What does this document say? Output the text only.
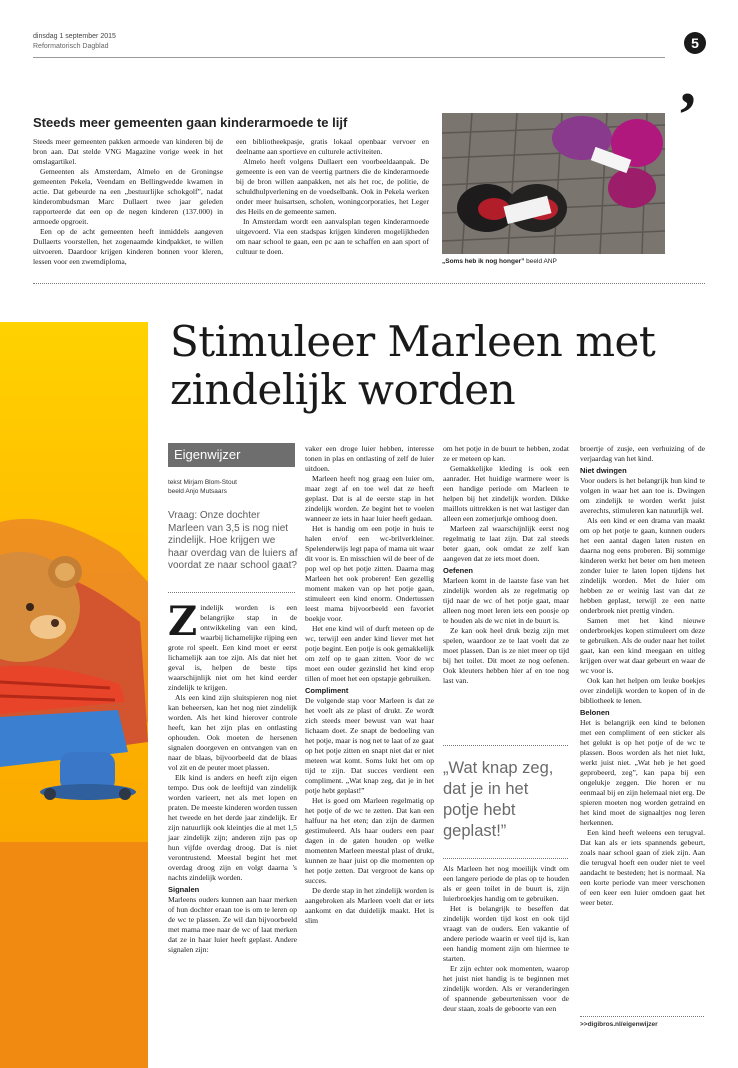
dinsdag 1 september 2015
Reformatorisch Dagblad	5
,
Steeds meer gemeenten gaan kinderarmoede te lijf

Steeds meer gemeenten pakken armoede van kinderen bij de bron aan. Dat stelde VNG Magazine vorige week in het omslagartikel.

Gemeenten als Amsterdam, Almelo en de Groningse gemeenten Pekela, Veendam en Bellingwedde kwamen in actie. Dat gebeurde na een „bestuurlijke schokgolf”, nadat kinderombudsman Marc Dullaert twee jaar geleden rapporteerde dat een op de negen kinderen (137.000) in armoede opgroeit.

Een op de acht gemeenten heeft inmiddels aangeven Dullaerts voorstellen, het zogenaamde kindpakket, te willen uitvoeren. Daardoor krijgen kinderen bonnen voor kleren, lessen voor een zwemdiploma,

een bibliotheekpasje, gratis lokaal openbaar vervoer en deelname aan sportieve en culturele activiteiten.

Almelo heeft volgens Dullaert een voorbeeldaanpak. De gemeente is een van de veertig partners die de kinderarmoede bij de bron willen aanpakken, net als het roc, de politie, de schuldhulpverlening en de voedselbank. Ook in Pekela werken onder meer huisartsen, scholen, woningcorporaties, het Leger des Heils en de gemeente samen.

In Amsterdam wordt een aanvalsplan tegen kinderarmoede uitgevoerd. Via een stadspas krijgen kinderen mogelijkheden om naar school te gaan, een pc aan te schaffen en aan sport of cultuur te doen.

„Soms heb ik nog honger” beeld ANP
Stimuleer Marleen met
zindelijk worden
Eigenwijzer
tekst Mirjam Blom-Stout
beeld Anjo Mutsaars
Vraag: Onze dochter Marleen van 3,5 is nog niet zindelijk. Hoe krijgen we haar overdag van de luiers af voordat ze naar school gaat?

Zindelijk worden is een belangrijke stap in de ontwikkeling van een kind, waarbij lichamelijke rijping een grote rol speelt. Een kind moet er eerst lichamelijk aan toe zijn. Als dat niet het geval is, helpen de beste tips waarschijnlijk niet om het kind eerder zindelijk te krijgen.

Als een kind zijn sluitspieren nog niet kan beheersen, kan het nog niet zindelijk worden. Als het kind hierover controle heeft, kan het zijn plas en ontlasting ophouden. Ook moeten de hersenen signalen doorgeven en ontvangen van en naar de blaas, bijvoorbeeld dat de blaas vol zit en de peuter moet plassen.

Elk kind is anders en heeft zijn eigen tempo. Dus ook de leeftijd van zindelijk worden varieert, net als met lopen en praten. De meeste kinderen worden tussen het tweede en het derde jaar zindelijk. Er zijn natuurlijk ook kleintjes die al met 1,5 jaar zindelijk zijn; anderen zijn pas op hun vijfde overdag droog. Dat is niet verontrustend. Meestal begint het met overdag droog zijn en volgt daarna 's nachts zindelijk worden.

Signalen

Marleens ouders kunnen aan haar merken of hun dochter eraan toe is om te leren op de wc te plassen. Ze wil dan bijvoorbeeld met mama mee naar de wc of laat merken dat ze in haar luier heeft geplast. Andere signalen zijn:

vaker een droge luier hebben, interesse tonen in plas en ontlasting of zelf de luier uitdoen.

Marleen heeft nog graag een luier om, maar zegt af en toe wel dat ze heeft geplast. Dat is al de eerste stap in het zindelijk worden. Ze begint het te voelen wanneer ze iets in haar luier heeft gedaan.

Het is handig om een potje in huis te halen en/of een wc-brilverkleiner. Spelenderwijs legt papa of mama uit waar dit voor is. En misschien wil de beer of de pop wel op het potje zitten. Daarna mag Marleen het ook proberen! Een gezellig moment maken van op het potje gaan, stimuleert een kind enorm. Ondertussen leest mama bijvoorbeeld een favoriet boekje voor.

Het ene kind wil of durft meteen op de wc, terwijl een ander kind liever met het potje begint. Een potje is ook gemakkelijk om zelf op te gaan zitten. Voor de wc moet een ouder gezinslid het kind erop tillen of moet het een opstapje gebruiken.

Compliment

De volgende stap voor Marleen is dat ze het voelt als ze plast of drukt. Ze wordt zich steeds meer bewust van wat haar lichaam doet. Ze snapt de bedoeling van het potje, maar is nog net te laat of ze gaat op het potje zitten en snapt niet dat er niet meteen wat komt. Soms lukt het om op tijd te zijn. Dat succes verdient een compliment. „Wat knap zeg, dat je in het potje hebt geplast!”

Het is goed om Marleen regelmatig op het potje of de wc te zetten. Dat kan een halfuur na het eten; dan zijn de darmen gestimuleerd. Als haar ouders een paar dagen in de gaten houden op welke momenten Marleen meestal plast of drukt, kunnen ze haar juist op die momenten op het potje zetten. Dat vergroot de kans op succes.

De derde stap in het zindelijk worden is aangebroken als Marleen voelt dat er iets aankomt en dat duidelijk maakt. Het is slim

om het potje in de buurt te hebben, zodat ze er meteen op kan.

Gemakkelijke kleding is ook een aanrader. Het huidige warmere weer is een handige periode om Marleen te helpen bij het zindelijk worden. Dikke maillots uittrekken is net wat lastiger dan alleen een zomerjurkje omhoog doen.

Marleen zal waarschijnlijk eerst nog regelmatig te laat zijn. Dat zal steeds beter gaan, ook omdat ze zelf kan aangeven dat ze iets moet doen.

Oefenen

Marleen komt in de laatste fase van het zindelijk worden als ze regelmatig op tijd naar de wc of het potje gaat, maar alleen nog moet leren iets een poosje op te houden als de wc niet in de buurt is.

Ze kan ook heel druk bezig zijn met spelen, waardoor ze te laat voelt dat ze moet plassen. Dan is ze niet meer op tijd bij het toilet. Dit moet ze nog oefenen. Ook kleuters hebben hier af en toe nog last van.

„Wat knap zeg, dat je in het potje hebt geplast!”

Als Marleen het nog moeilijk vindt om een langere periode de plas op te houden als er geen toilet in de buurt is, zijn luierbroekjes handig om te gebruiken.

Het is belangrijk te beseffen dat zindelijk worden tijd kost en ook tijd vraagt van de ouders. Een vakantie of andere periode waarin er veel tijd is, kan een handig moment zijn om hiermee te starten.

Er zijn echter ook momenten, waarop het juist niet handig is te beginnen met zindelijk worden. Als er veranderingen of spannende gebeurtenissen voor de deur staan, zoals de geboorte van een

broertje of zusje, een verhuizing of de verjaardag van het kind.

Niet dwingen

Voor ouders is het belangrijk hun kind te volgen in waar het aan toe is. Dwingen om zindelijk te worden werkt juist averechts, stimuleren kan natuurlijk wel.

Als een kind er een drama van maakt om op het potje te gaan, kunnen ouders het een aantal dagen laten rusten en daarna nog eens proberen. Bij sommige kinderen werkt het beter om hen meteen zonder luier te laten lopen tijdens het zindelijk worden. Met de luier om hebben ze er weinig last van dat ze hebben geplast, terwijl ze een natte onderbroek niet prettig vinden.

Samen met het kind nieuwe onderbroekjes kopen stimuleert om deze te gebruiken. Als de ouder naar het toilet gaat, kan een kind meegaan en uitleg krijgen over wat daar gebeurt en waar de wc voor is.

Ook kan het helpen om leuke boekjes over zindelijk worden te kopen of in de bibliotheek te lenen.

Belonen

Het is belangrijk een kind te belonen met een compliment of een sticker als het gelukt is op het potje of de wc te plassen. Boos worden als het niet lukt, werkt juist niet. „Wat heb je het goed geprobeerd, zeg”, kan papa bij een ongelukje zeggen. Die horen er nu eenmaal bij en zijn helemaal niet erg. De spieren moeten nog worden getraind en het kind moet de signaaltjes nog leren herkennen.

Een kind heeft weleens een terugval. Dat kan als er iets spannends gebeurt, zoals naar school gaan of ziek zijn. Aan die terugval hoeft een ouder niet te veel aandacht te besteden; het is normaal. Na een korte periode van meer verschonen of een keer een luier omdoen gaat het weer beter.

>>digibros.nl/eigenwijzer
